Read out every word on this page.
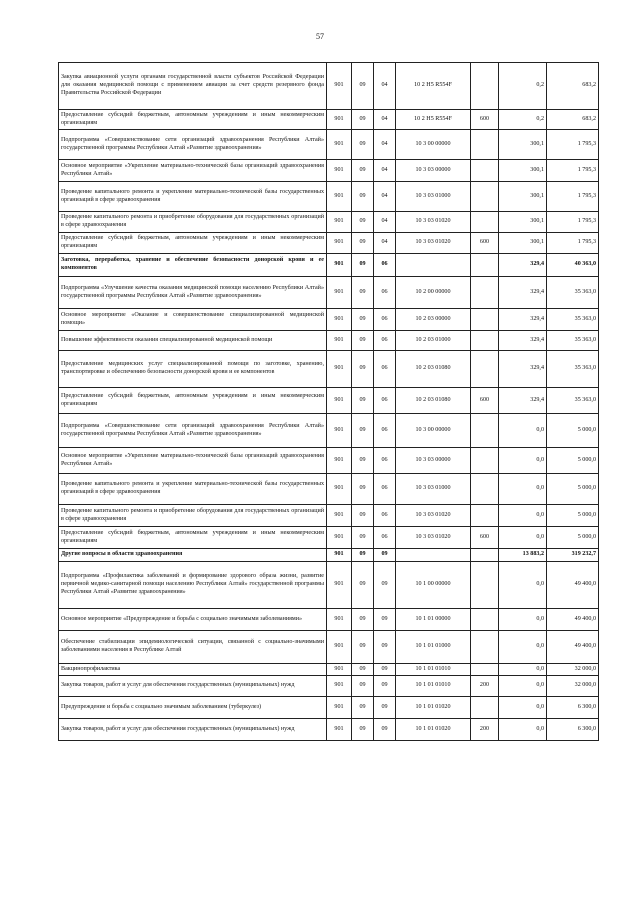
57
Закупка авиационной услуги органами государственной власти субъектов Российской Федерации для оказания медицинской помощи с применением авиации за счет средств резервного фонда Правительства Российской Федерации	901	09	04	10 2 Н5 R554F		0,2	683,2
Предоставление субсидий бюджетным, автономным учреждениям и иным некоммерческим организациям	901	09	04	10 2 Н5 R554F	600	0,2	683,2
Подпрограмма «Совершенствование сети организаций здравоохранения Республики Алтай» государственной программы Республики Алтай «Развитие здравоохранения»	901	09	04	10 3 00 00000		300,1	1 795,3
Основное мероприятие «Укрепление материально-технической базы организаций здравоохранения Республики Алтай»	901	09	04	10 3 03 00000		300,1	1 795,3
Проведение капитального ремонта и укрепление материально-технической базы государственных организаций в сфере здравоохранения	901	09	04	10 3 03 01000		300,1	1 795,3
Проведение капитального ремонта и приобретение оборудования для государственных организаций в сфере здравоохранения	901	09	04	10 3 03 01020		300,1	1 795,3
Предоставление субсидий бюджетным, автономным учреждениям и иным некоммерческим организациям	901	09	04	10 3 03 01020	600	300,1	1 795,3
Заготовка, переработка, хранение и обеспечение безопасности донорской крови и ее компонентов	901	09	06			329,4	40 363,0
Подпрограмма «Улучшение качества оказания медицинской помощи населению Республики Алтай» государственной программы Республики Алтай «Развитие здравоохранения»	901	09	06	10 2 00 00000		329,4	35 363,0
Основное мероприятие «Оказание и совершенствование специализированной медицинской помощи»	901	09	06	10 2 03 00000		329,4	35 363,0
Повышение эффективности оказания специализированной медицинской помощи	901	09	06	10 2 03 01000		329,4	35 363,0
Предоставление медицинских услуг специализированной помощи по заготовке, хранению, транспортировке и обеспечению безопасности донорской крови и ее компонентов	901	09	06	10 2 03 01080		329,4	35 363,0
Предоставление субсидий бюджетным, автономным учреждениям и иным некоммерческим организациям	901	09	06	10 2 03 01080	600	329,4	35 363,0
Подпрограмма «Совершенствование сети организаций здравоохранения Республики Алтай» государственной программы Республики Алтай «Развитие здравоохранения»	901	09	06	10 3 00 00000		0,0	5 000,0
Основное мероприятие «Укрепление материально-технической базы организаций здравоохранения Республики Алтай»	901	09	06	10 3 03 00000		0,0	5 000,0
Проведение капитального ремонта и укрепление материально-технической базы государственных организаций в сфере здравоохранения	901	09	06	10 3 03 01000		0,0	5 000,0
Проведение капитального ремонта и приобретение оборудования для государственных организаций в сфере здравоохранения	901	09	06	10 3 03 01020		0,0	5 000,0
Предоставление субсидий бюджетным, автономным учреждениям и иным некоммерческим организациям	901	09	06	10 3 03 01020	600	0,0	5 000,0
Другие вопросы в области здравоохранения	901	09	09			13 883,2	319 232,7
Подпрограмма «Профилактика заболеваний и формирование здорового образа жизни, развитие первичной медико-санитарной помощи населению Республики Алтай» государственной программы Республики Алтай «Развитие здравоохранения»	901	09	09	10 1 00 00000		0,0	49 400,0
Основное мероприятие «Предупреждение и борьба с социально значимыми заболеваниями»	901	09	09	10 1 01 00000		0,0	49 400,0
Обеспечение стабилизации эпидемиологической ситуации, связанной с социально-значимыми заболеваниями населения в Республике Алтай	901	09	09	10 1 01 01000		0,0	49 400,0
Вакцинопрофилактика	901	09	09	10 1 01 01010		0,0	32 000,0
Закупка товаров, работ и услуг для обеспечения государственных (муниципальных) нужд	901	09	09	10 1 01 01010	200	0,0	32 000,0
Предупреждение и борьба с социально значимым заболеванием (туберкулез)	901	09	09	10 1 01 01020		0,0	6 300,0
Закупка товаров, работ и услуг для обеспечения государственных (муниципальных) нужд	901	09	09	10 1 01 01020	200	0,0	6 300,0
